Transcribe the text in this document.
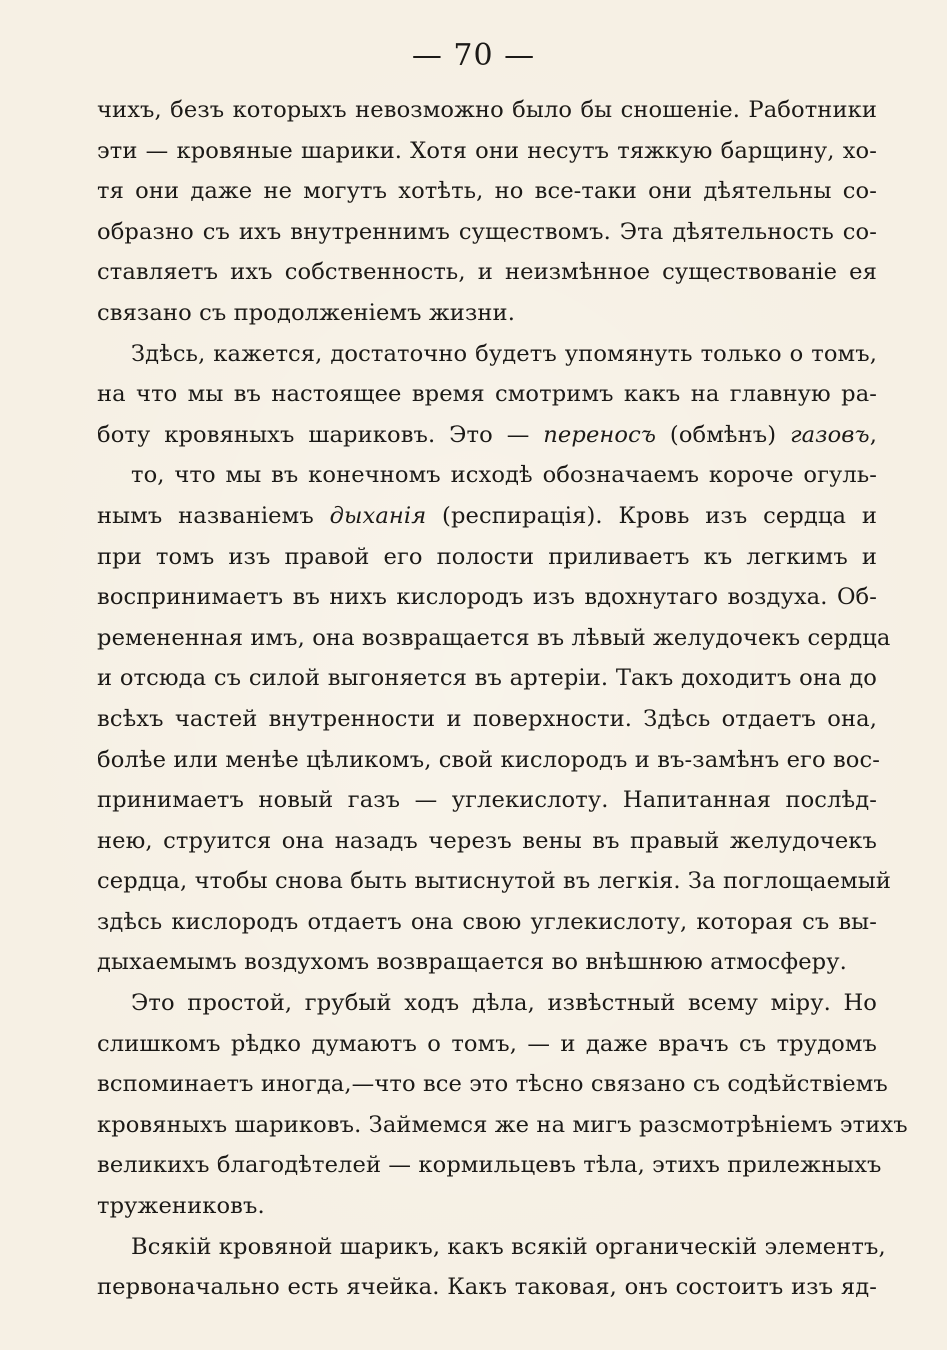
— 70 —
чихъ, безъ которыхъ невозможно было бы сношеніе. Работники
эти — кровяные шарики. Хотя они несутъ тяжкую барщину, хо-
тя они даже не могутъ хотѣть, но все-таки они дѣятельны со-
образно съ ихъ внутреннимъ существомъ. Эта дѣятельность со-
ставляетъ ихъ собственность, и неизмѣнное существованіе ея
связано съ продолженіемъ жизни.
Здѣсь, кажется, достаточно будетъ упомянуть только о томъ,
на что мы въ настоящее время смотримъ какъ на главную ра-
боту кровяныхъ шариковъ. Это — переносъ (обмѣнъ) газовъ,
то, что мы въ конечномъ исходѣ обозначаемъ короче огуль-
нымъ названіемъ дыханія (респирація). Кровь изъ сердца и
при томъ изъ правой его полости приливаетъ къ легкимъ и
воспринимаетъ въ нихъ кислородъ изъ вдохнутаго воздуха. Об-
ремененная имъ, она возвращается въ лѣвый желудочекъ сердца
и отсюда съ силой выгоняется въ артеріи. Такъ доходитъ она до
всѣхъ частей внутренности и поверхности. Здѣсь отдаетъ она,
болѣе или менѣе цѣликомъ, свой кислородъ и въ-замѣнъ его вос-
принимаетъ новый газъ — углекислоту. Напитанная послѣд-
нею, струится она назадъ черезъ вены въ правый желудочекъ
сердца, чтобы снова быть вытиснутой въ легкія. За поглощаемый
здѣсь кислородъ отдаетъ она свою углекислоту, которая съ вы-
дыхаемымъ воздухомъ возвращается во внѣшнюю атмосферу.
Это простой, грубый ходъ дѣла, извѣстный всему міру. Но
слишкомъ рѣдко думаютъ о томъ, — и даже врачъ съ трудомъ
вспоминаетъ иногда,—что все это тѣсно связано съ содѣйствіемъ
кровяныхъ шариковъ. Займемся же на мигъ разсмотрѣніемъ этихъ
великихъ благодѣтелей — кормильцевъ тѣла, этихъ прилежныхъ
тружениковъ.
Всякій кровяной шарикъ, какъ всякій органическій элементъ,
первоначально есть ячейка. Какъ таковая, онъ состоитъ изъ яд-
